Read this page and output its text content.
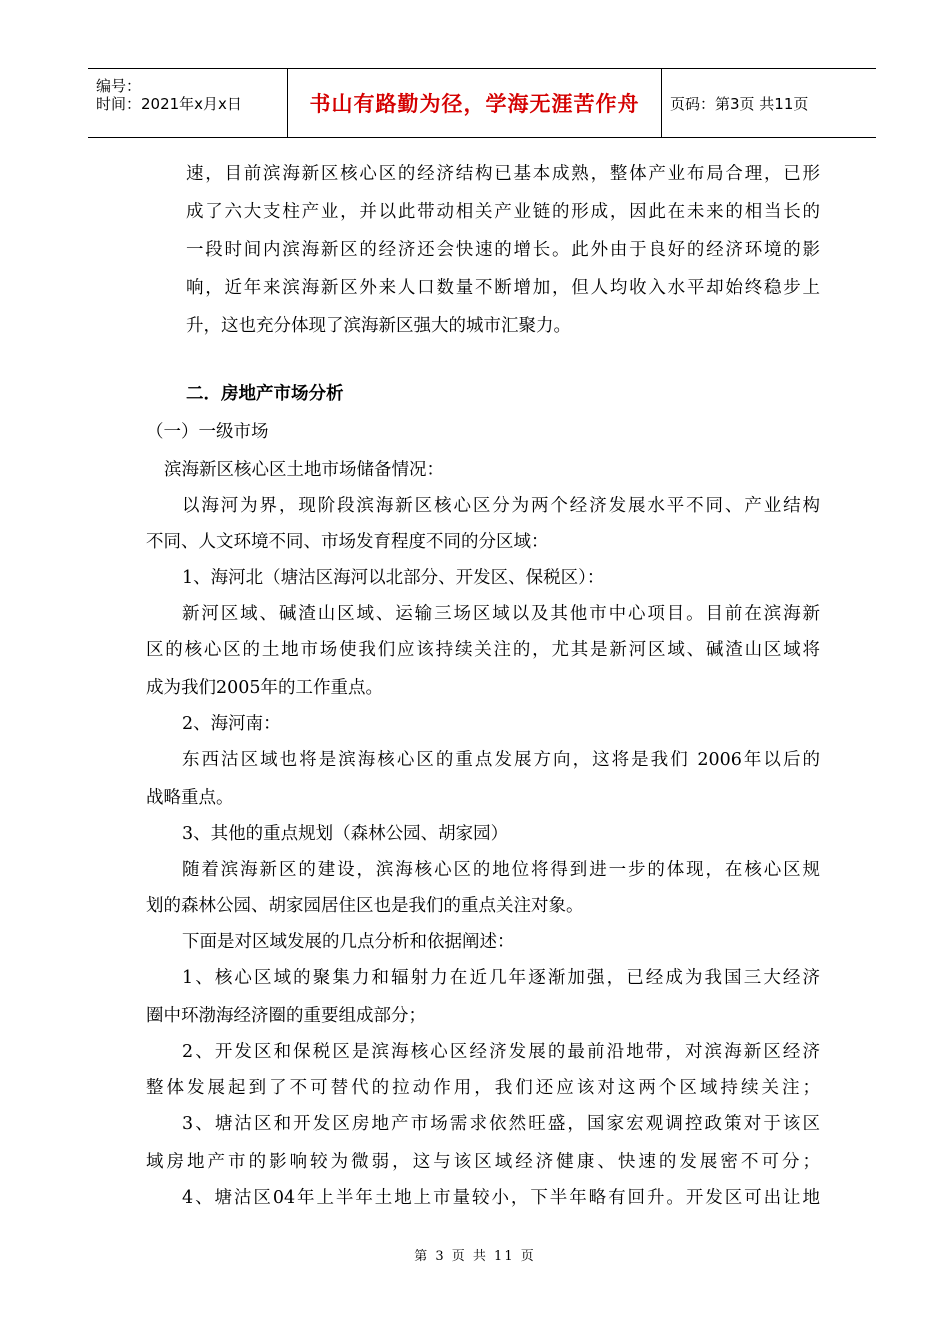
编号：
时间：2021年x月x日	书山有路勤为径，学海无涯苦作舟	页码：第3页 共11页
速，目前滨海新区核心区的经济结构已基本成熟，整体产业布局合理，已形
成了六大支柱产业，并以此带动相关产业链的形成，因此在未来的相当长的
一段时间内滨海新区的经济还会快速的增长。此外由于良好的经济环境的影
响，近年来滨海新区外来人口数量不断增加，但人均收入水平却始终稳步上
升，这也充分体现了滨海新区强大的城市汇聚力。
二．房地产市场分析
（一）一级市场
滨海新区核心区土地市场储备情况：
以海河为界，现阶段滨海新区核心区分为两个经济发展水平不同、产业结构
不同、人文环境不同、市场发育程度不同的分区域：
1、海河北（塘沽区海河以北部分、开发区、保税区）：
新河区域、碱渣山区域、运输三场区域以及其他市中心项目。目前在滨海新
区的核心区的土地市场使我们应该持续关注的，尤其是新河区域、碱渣山区域将
成为我们2005年的工作重点。
2、海河南：
东西沽区域也将是滨海核心区的重点发展方向，这将是我们 2006年以后的
战略重点。
3、其他的重点规划（森林公园、胡家园）
随着滨海新区的建设，滨海核心区的地位将得到进一步的体现，在核心区规
划的森林公园、胡家园居住区也是我们的重点关注对象。
下面是对区域发展的几点分析和依据阐述：
1、核心区域的聚集力和辐射力在近几年逐渐加强，已经成为我国三大经济
圈中环渤海经济圈的重要组成部分；
2、开发区和保税区是滨海核心区经济发展的最前沿地带，对滨海新区经济
整体发展起到了不可替代的拉动作用，我们还应该对这两个区域持续关注；
3、塘沽区和开发区房地产市场需求依然旺盛，国家宏观调控政策对于该区
域房地产市的影响较为微弱，这与该区域经济健康、快速的发展密不可分；
4、塘沽区04年上半年土地上市量较小，下半年略有回升。开发区可出让地
第 3 页 共 11 页
